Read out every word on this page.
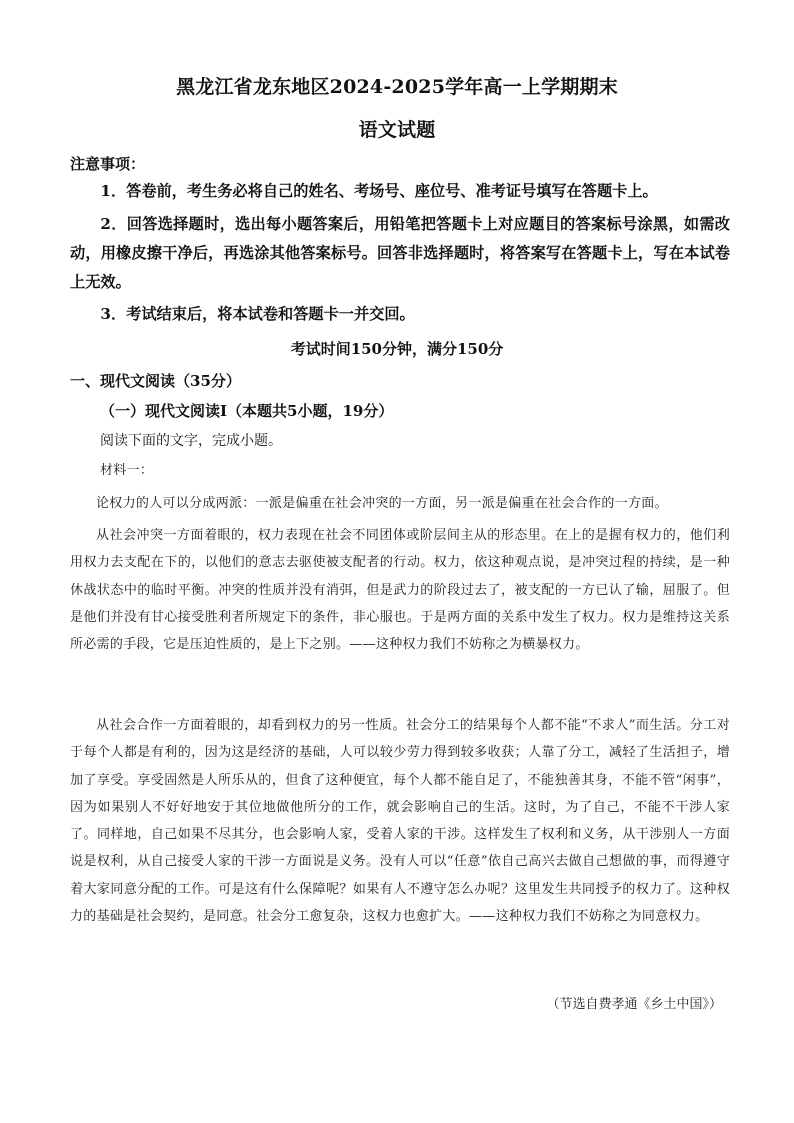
黑龙江省龙东地区2024-2025学年高一上学期期末
语文试题
注意事项：

1．答卷前，考生务必将自己的姓名、考场号、座位号、准考证号填写在答题卡上。

2．回答选择题时，选出每小题答案后，用铅笔把答题卡上对应题目的答案标号涂黑，如需改动，用橡皮擦干净后，再选涂其他答案标号。回答非选择题时，将答案写在答题卡上，写在本试卷上无效。

3．考试结束后，将本试卷和答题卡一并交回。

考试时间150分钟，满分150分
一、现代文阅读（35分）
（一）现代文阅读Ⅰ（本题共5小题，19分）
阅读下面的文字，完成小题。
材料一：

论权力的人可以分成两派：一派是偏重在社会冲突的一方面，另一派是偏重在社会合作的一方面。

从社会冲突一方面着眼的，权力表现在社会不同团体或阶层间主从的形态里。在上的是握有权力的，他们利用权力去支配在下的，以他们的意志去驱使被支配者的行动。权力，依这种观点说，是冲突过程的持续，是一种休战状态中的临时平衡。冲突的性质并没有消弭，但是武力的阶段过去了，被支配的一方已认了输，屈服了。但是他们并没有甘心接受胜利者所规定下的条件，非心服也。于是两方面的关系中发生了权力。权力是维持这关系所必需的手段，它是压迫性质的，是上下之别。——这种权力我们不妨称之为横暴权力。

从社会合作一方面着眼的，却看到权力的另一性质。社会分工的结果每个人都不能“不求人”而生活。分工对于每个人都是有利的，因为这是经济的基础，人可以较少劳力得到较多收获；人靠了分工，减轻了生活担子，增加了享受。享受固然是人所乐从的，但食了这种便宜，每个人都不能自足了，不能独善其身，不能不管“闲事”，因为如果别人不好好地安于其位地做他所分的工作，就会影响自己的生活。这时，为了自己，不能不干涉人家了。同样地，自己如果不尽其分，也会影响人家，受着人家的干涉。这样发生了权利和义务，从干涉别人一方面说是权利，从自己接受人家的干涉一方面说是义务。没有人可以“任意”依自己高兴去做自己想做的事，而得遵守着大家同意分配的工作。可是这有什么保障呢？如果有人不遵守怎么办呢？这里发生共同授予的权力了。这种权力的基础是社会契约，是同意。社会分工愈复杂，这权力也愈扩大。——这种权力我们不妨称之为同意权力。

（节选自费孝通《乡土中国》）
